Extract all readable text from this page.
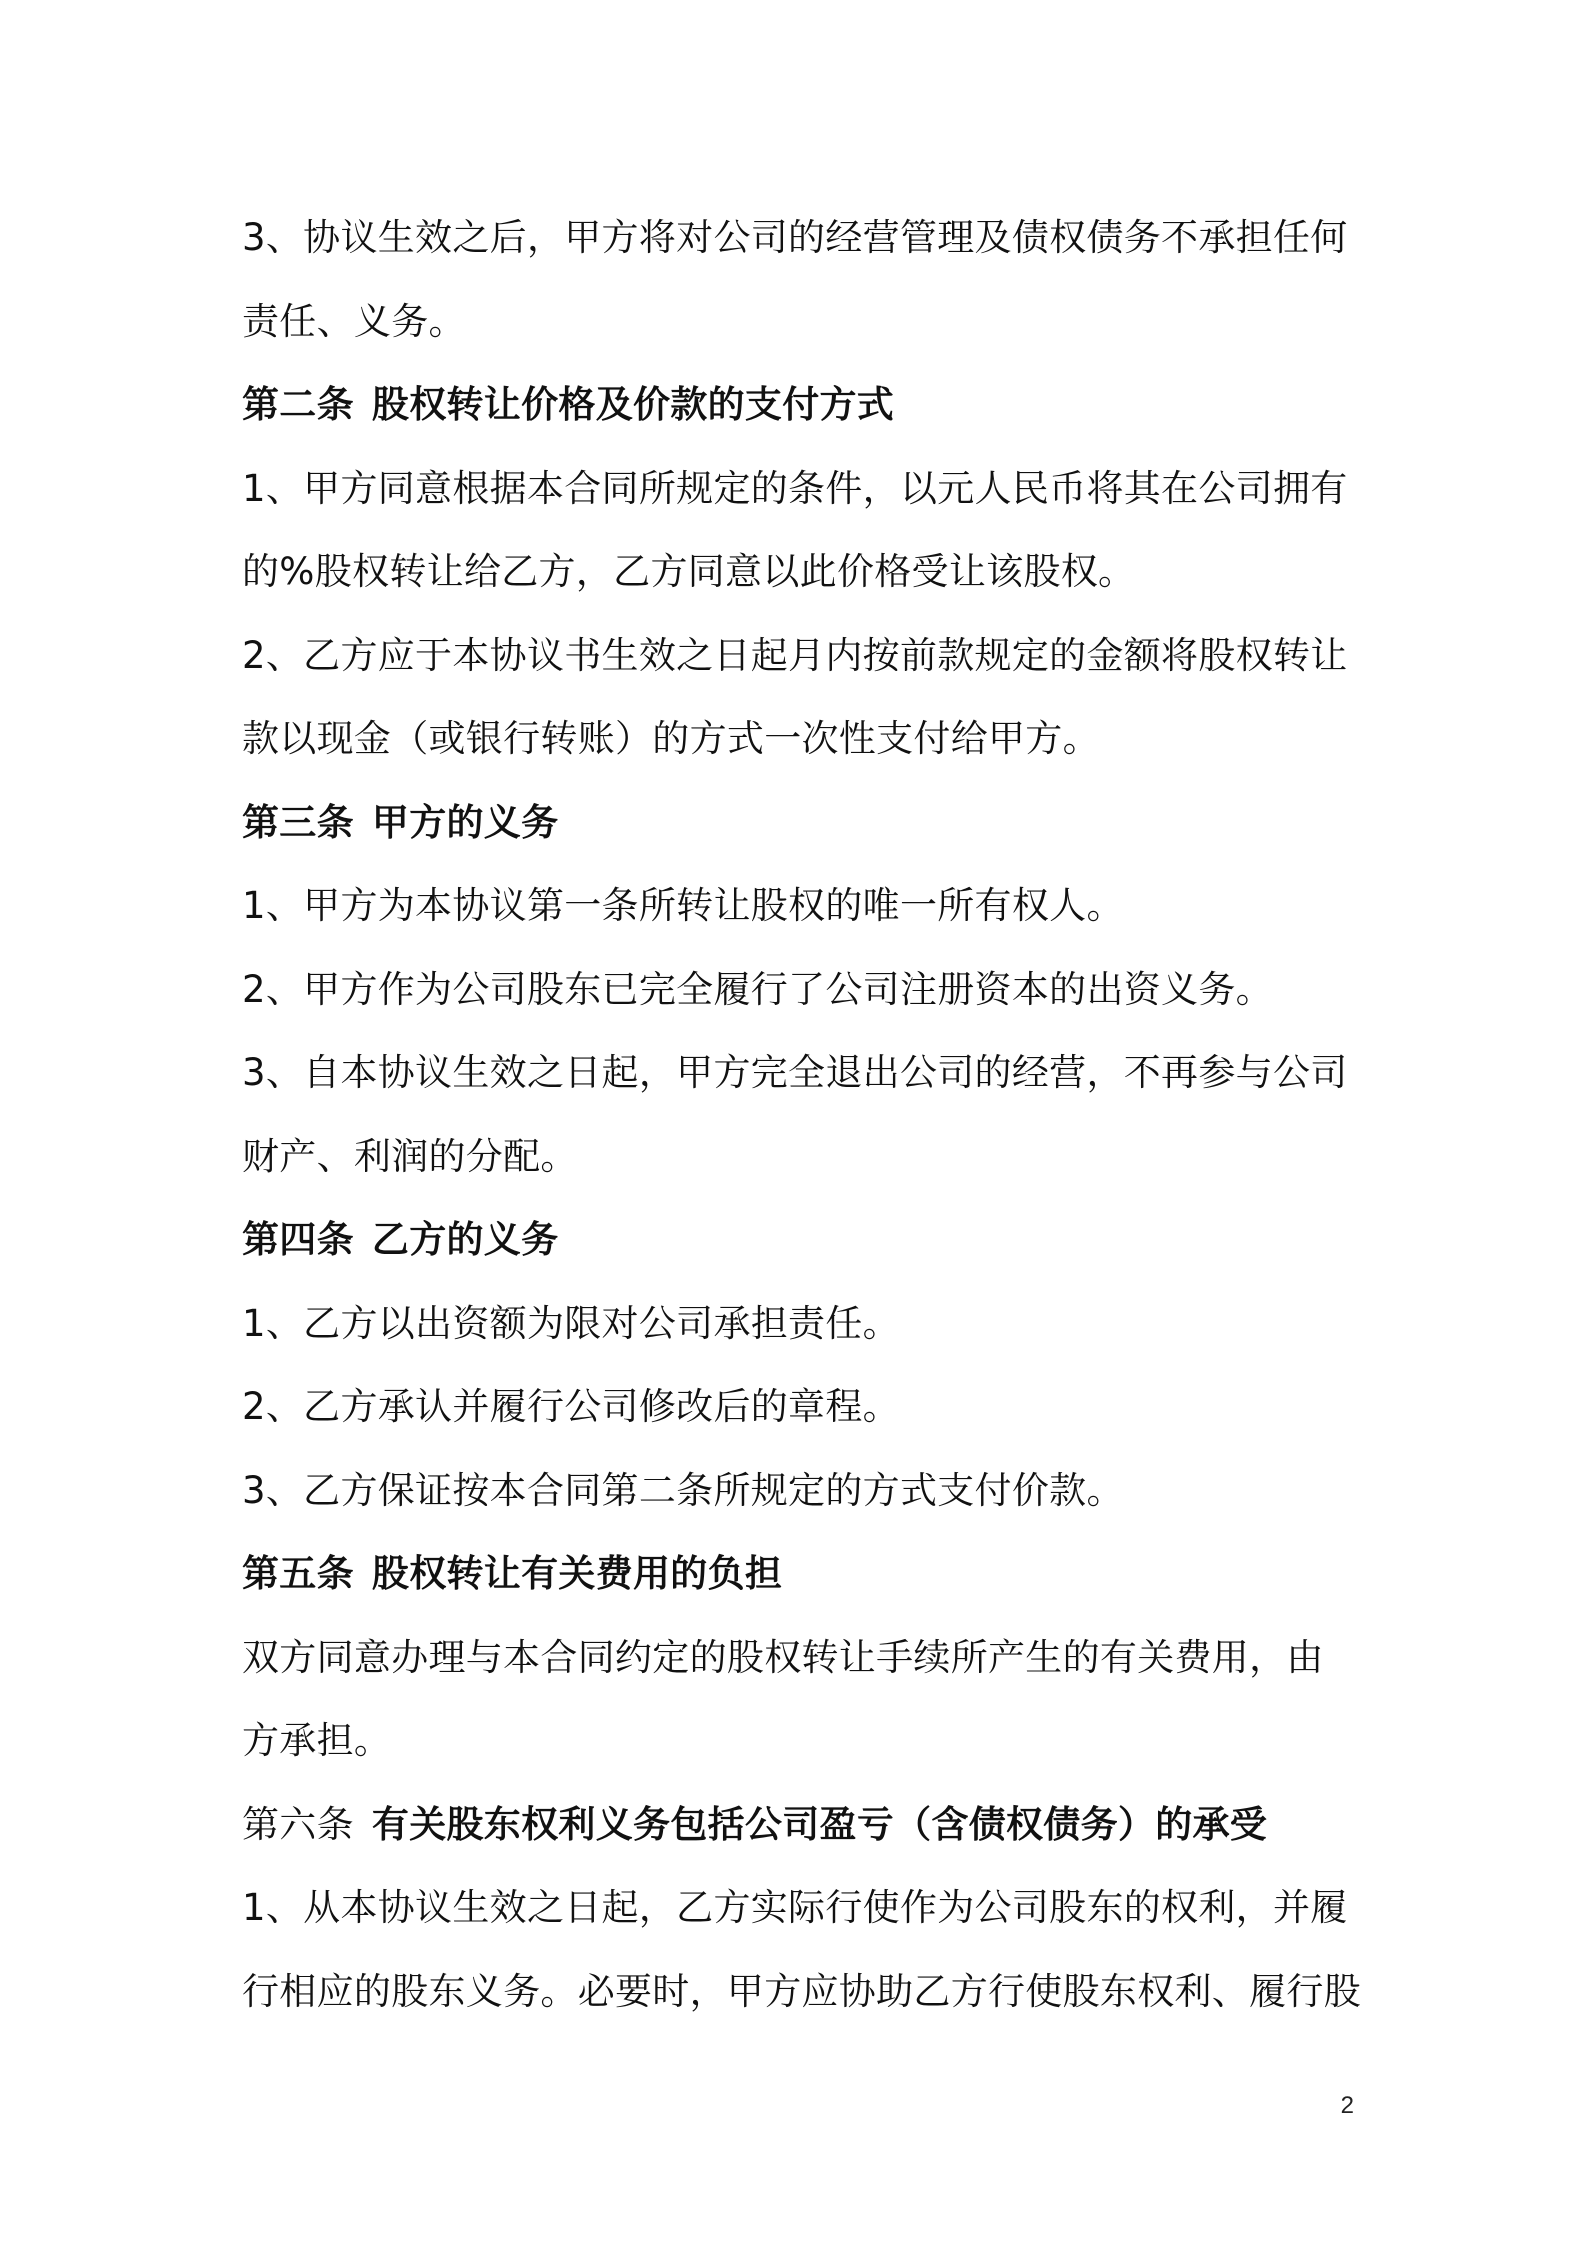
3、协议生效之后，甲方将对公司的经营管理及债权债务不承担任何
责任、义务。
第二条 股权转让价格及价款的支付方式
1、甲方同意根据本合同所规定的条件，以元人民币将其在公司拥有
的%股权转让给乙方，乙方同意以此价格受让该股权。
2、乙方应于本协议书生效之日起月内按前款规定的金额将股权转让
款以现金（或银行转账）的方式一次性支付给甲方。
第三条 甲方的义务
1、甲方为本协议第一条所转让股权的唯一所有权人。
2、甲方作为公司股东已完全履行了公司注册资本的出资义务。
3、自本协议生效之日起，甲方完全退出公司的经营，不再参与公司
财产、利润的分配。
第四条 乙方的义务
1、乙方以出资额为限对公司承担责任。
2、乙方承认并履行公司修改后的章程。
3、乙方保证按本合同第二条所规定的方式支付价款。
第五条 股权转让有关费用的负担
双方同意办理与本合同约定的股权转让手续所产生的有关费用，由
方承担。
第六条 有关股东权利义务包括公司盈亏（含债权债务）的承受
1、从本协议生效之日起，乙方实际行使作为公司股东的权利，并履
行相应的股东义务。必要时，甲方应协助乙方行使股东权利、履行股
2
